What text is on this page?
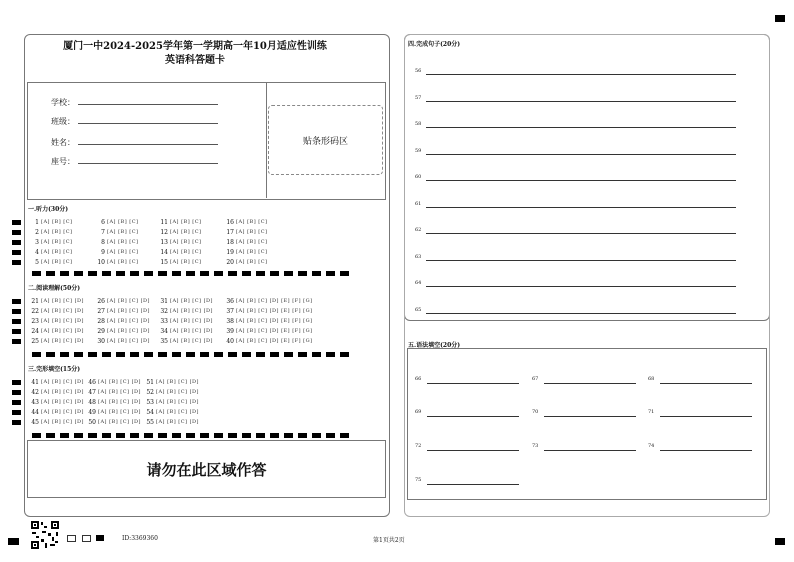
厦门一中2024-2025学年第一学期高一年10月适应性训练
英语科答题卡
学校：
班级：
姓名：
座号：
贴条形码区
一.听力(30分)
二.阅读理解(50分)
三.完形填空(15分)
1 [A] [B] [C]	6 [A] [B] [C]	11 [A] [B] [C]	16 [A] [B] [C]
2 [A] [B] [C]	7 [A] [B] [C]	12 [A] [B] [C]	17 [A] [B] [C]
3 [A] [B] [C]	8 [A] [B] [C]	13 [A] [B] [C]	18 [A] [B] [C]
4 [A] [B] [C]	9 [A] [B] [C]	14 [A] [B] [C]	19 [A] [B] [C]
5 [A] [B] [C]	10 [A] [B] [C]	15 [A] [B] [C]	20 [A] [B] [C]
21 [A] [B] [C] [D]	26 [A] [B] [C] [D]	31 [A] [B] [C] [D]	36 [A] [B] [C] [D] [E] [F] [G]
22 [A] [B] [C] [D]	27 [A] [B] [C] [D]	32 [A] [B] [C] [D]	37 [A] [B] [C] [D] [E] [F] [G]
23 [A] [B] [C] [D]	28 [A] [B] [C] [D]	33 [A] [B] [C] [D]	38 [A] [B] [C] [D] [E] [F] [G]
24 [A] [B] [C] [D]	29 [A] [B] [C] [D]	34 [A] [B] [C] [D]	39 [A] [B] [C] [D] [E] [F] [G]
25 [A] [B] [C] [D]	30 [A] [B] [C] [D]	35 [A] [B] [C] [D]	40 [A] [B] [C] [D] [E] [F] [G]
41 [A] [B] [C] [D] 46 [A] [B] [C] [D] 51 [A] [B] [C] [D]
42 [A] [B] [C] [D] 47 [A] [B] [C] [D] 52 [A] [B] [C] [D]
43 [A] [B] [C] [D] 48 [A] [B] [C] [D] 53 [A] [B] [C] [D]
44 [A] [B] [C] [D] 49 [A] [B] [C] [D] 54 [A] [B] [C] [D]
45 [A] [B] [C] [D] 50 [A] [B] [C] [D] 55 [A] [B] [C] [D]
请勿在此区域作答
四.完成句子(20分)
56
57
58
59
60
61
62
63
64
65
五.语法填空(20分)
66	67	68
69	70	71
72	73	74
75
ID:3369360	第1页共2页
